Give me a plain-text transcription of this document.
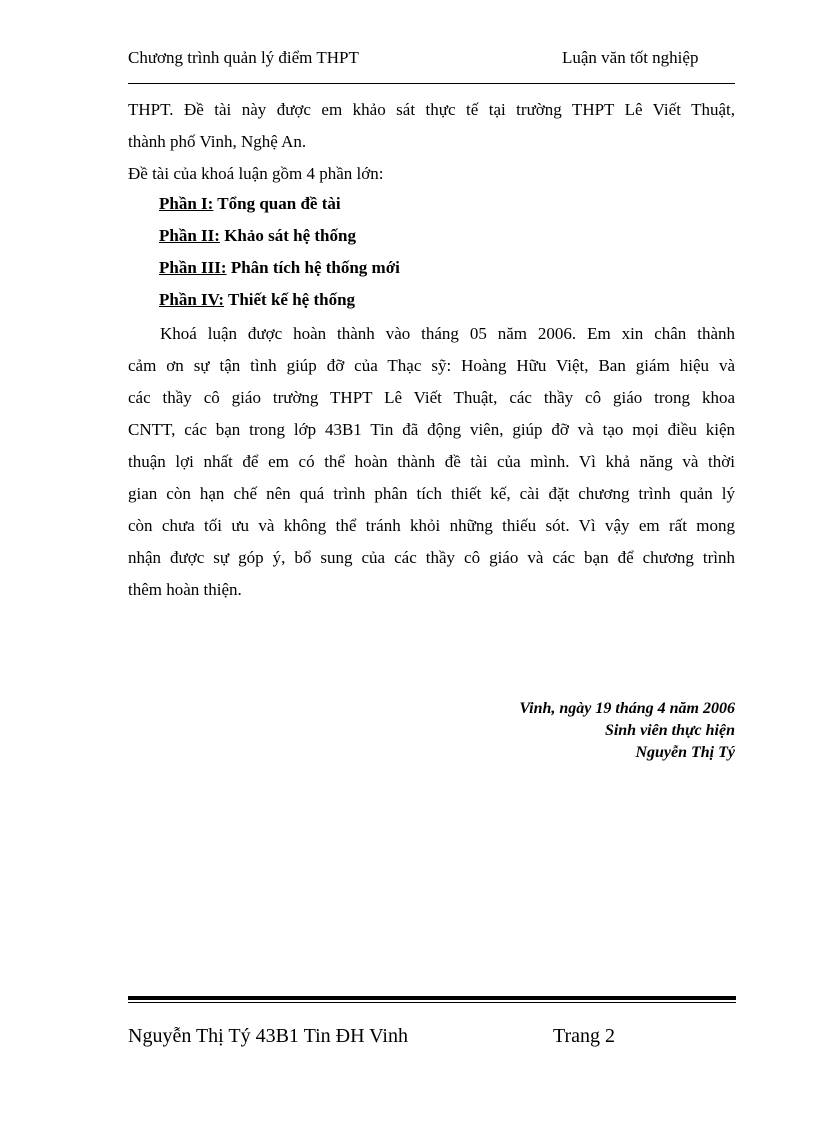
Chương trình quản lý điểm THPT	Luận văn tốt nghiệp
THPT. Đề tài này được em khảo sát thực tế tại trường THPT Lê Viết Thuật,
thành phố Vinh, Nghệ An.
Đề tài của khoá luận gồm 4 phần lớn:
Phần I: Tổng quan đề tài
Phần II: Khảo sát hệ thống
Phần III: Phân tích hệ thống mới
Phần IV: Thiết kế hệ thống
Khoá luận được hoàn thành vào tháng 05 năm 2006. Em xin chân thành
cảm ơn sự tận tình giúp đỡ của Thạc sỹ: Hoàng Hữu Việt, Ban giám hiệu và
các thầy cô giáo trường THPT Lê Viết Thuật, các thầy cô giáo trong khoa
CNTT, các bạn trong lớp 43B1 Tin đã động viên, giúp đỡ và tạo mọi điều kiện
thuận lợi nhất để em có thể hoàn thành đề tài của mình. Vì khả năng và thời
gian còn hạn chế nên quá trình phân tích thiết kế, cài đặt chương trình quản lý
còn chưa tối ưu và không thể tránh khỏi những thiếu sót. Vì vậy em rất mong
nhận được sự góp ý, bổ sung của các thầy cô giáo và các bạn để chương trình
thêm hoàn thiện.
Vinh, ngày 19 tháng 4 năm 2006
Sinh viên thực hiện
Nguyễn Thị Tý
Nguyễn Thị Tý 43B1 Tin ĐH Vinh	Trang 2
